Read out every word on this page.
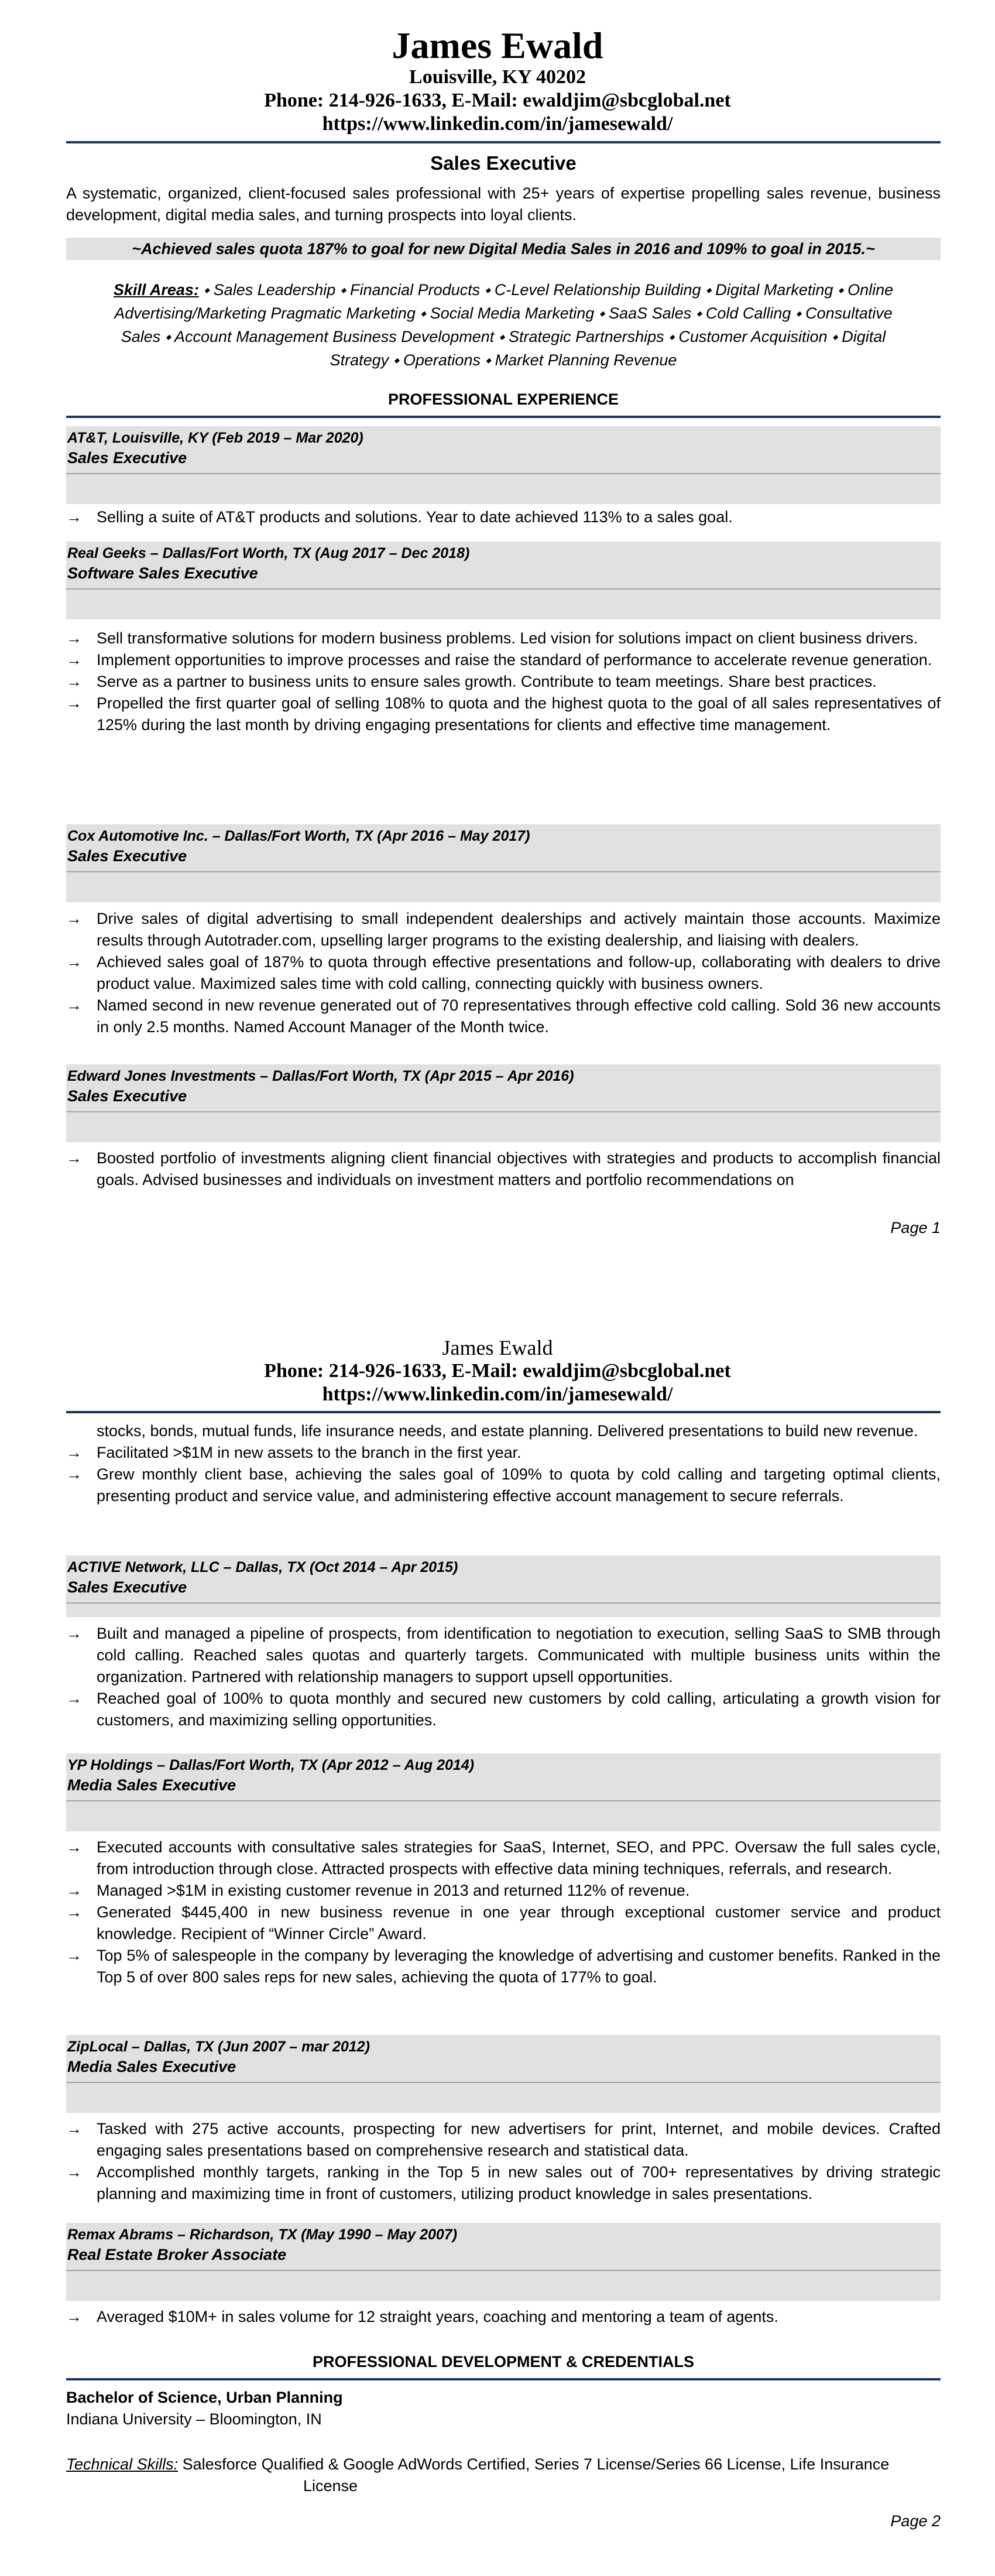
James Ewald
Louisville, KY 40202
Phone: 214-926-1633, E-Mail: ewaldjim@sbcglobal.net
https://www.linkedin.com/in/jamesewald/
Sales Executive
A systematic, organized, client-focused sales professional with 25+ years of expertise propelling sales revenue, business development, digital media sales, and turning prospects into loyal clients.
~Achieved sales quota 187% to goal for new Digital Media Sales in 2016 and 109% to goal in 2015.~
Skill Areas: ⬩ Sales Leadership ⬩ Financial Products ⬩ C-Level Relationship Building ⬩ Digital Marketing ⬩ Online
Advertising/Marketing Pragmatic Marketing ⬩ Social Media Marketing ⬩ SaaS Sales ⬩ Cold Calling ⬩ Consultative
Sales ⬩ Account Management Business Development ⬩ Strategic Partnerships ⬩ Customer Acquisition ⬩ Digital
Strategy ⬩ Operations ⬩ Market Planning Revenue
PROFESSIONAL EXPERIENCE
AT&T, Louisville, KY (Feb 2019 – Mar 2020)
Sales Executive
→ Selling a suite of AT&T products and solutions. Year to date achieved 113% to a sales goal.
Real Geeks – Dallas/Fort Worth, TX (Aug 2017 – Dec 2018)
Software Sales Executive
→ Sell transformative solutions for modern business problems. Led vision for solutions impact on client business drivers.
→ Implement opportunities to improve processes and raise the standard of performance to accelerate revenue generation.
→ Serve as a partner to business units to ensure sales growth. Contribute to team meetings. Share best practices.
→ Propelled the first quarter goal of selling 108% to quota and the highest quota to the goal of all sales representatives of 125% during the last month by driving engaging presentations for clients and effective time management.
Cox Automotive Inc. – Dallas/Fort Worth, TX (Apr 2016 – May 2017)
Sales Executive
→ Drive sales of digital advertising to small independent dealerships and actively maintain those accounts. Maximize results through Autotrader.com, upselling larger programs to the existing dealership, and liaising with dealers.
→ Achieved sales goal of 187% to quota through effective presentations and follow-up, collaborating with dealers to drive product value. Maximized sales time with cold calling, connecting quickly with business owners.
→ Named second in new revenue generated out of 70 representatives through effective cold calling. Sold 36 new accounts in only 2.5 months. Named Account Manager of the Month twice.
Edward Jones Investments – Dallas/Fort Worth, TX (Apr 2015 – Apr 2016)
Sales Executive
→ Boosted portfolio of investments aligning client financial objectives with strategies and products to accomplish financial goals. Advised businesses and individuals on investment matters and portfolio recommendations on
Page 1
James Ewald
Phone: 214-926-1633, E-Mail: ewaldjim@sbcglobal.net
https://www.linkedin.com/in/jamesewald/
stocks, bonds, mutual funds, life insurance needs, and estate planning. Delivered presentations to build new revenue.
→ Facilitated >$1M in new assets to the branch in the first year.
→ Grew monthly client base, achieving the sales goal of 109% to quota by cold calling and targeting optimal clients, presenting product and service value, and administering effective account management to secure referrals.
ACTIVE Network, LLC – Dallas, TX (Oct 2014 – Apr 2015)
Sales Executive
→ Built and managed a pipeline of prospects, from identification to negotiation to execution, selling SaaS to SMB through cold calling. Reached sales quotas and quarterly targets. Communicated with multiple business units within the organization. Partnered with relationship managers to support upsell opportunities.
→ Reached goal of 100% to quota monthly and secured new customers by cold calling, articulating a growth vision for customers, and maximizing selling opportunities.
YP Holdings – Dallas/Fort Worth, TX (Apr 2012 – Aug 2014)
Media Sales Executive
→ Executed accounts with consultative sales strategies for SaaS, Internet, SEO, and PPC. Oversaw the full sales cycle, from introduction through close. Attracted prospects with effective data mining techniques, referrals, and research.
→ Managed >$1M in existing customer revenue in 2013 and returned 112% of revenue.
→ Generated $445,400 in new business revenue in one year through exceptional customer service and product knowledge. Recipient of “Winner Circle” Award.
→ Top 5% of salespeople in the company by leveraging the knowledge of advertising and customer benefits. Ranked in the Top 5 of over 800 sales reps for new sales, achieving the quota of 177% to goal.
ZipLocal – Dallas, TX (Jun 2007 – mar 2012)
Media Sales Executive
→ Tasked with 275 active accounts, prospecting for new advertisers for print, Internet, and mobile devices. Crafted engaging sales presentations based on comprehensive research and statistical data.
→ Accomplished monthly targets, ranking in the Top 5 in new sales out of 700+ representatives by driving strategic planning and maximizing time in front of customers, utilizing product knowledge in sales presentations.
Remax Abrams – Richardson, TX (May 1990 – May 2007)
Real Estate Broker Associate
→ Averaged $10M+ in sales volume for 12 straight years, coaching and mentoring a team of agents.
PROFESSIONAL DEVELOPMENT & CREDENTIALS
Bachelor of Science, Urban Planning
Indiana University – Bloomington, IN
Technical Skills: Salesforce Qualified & Google AdWords Certified, Series 7 License/Series 66 License, Life Insurance
License
Page 2
